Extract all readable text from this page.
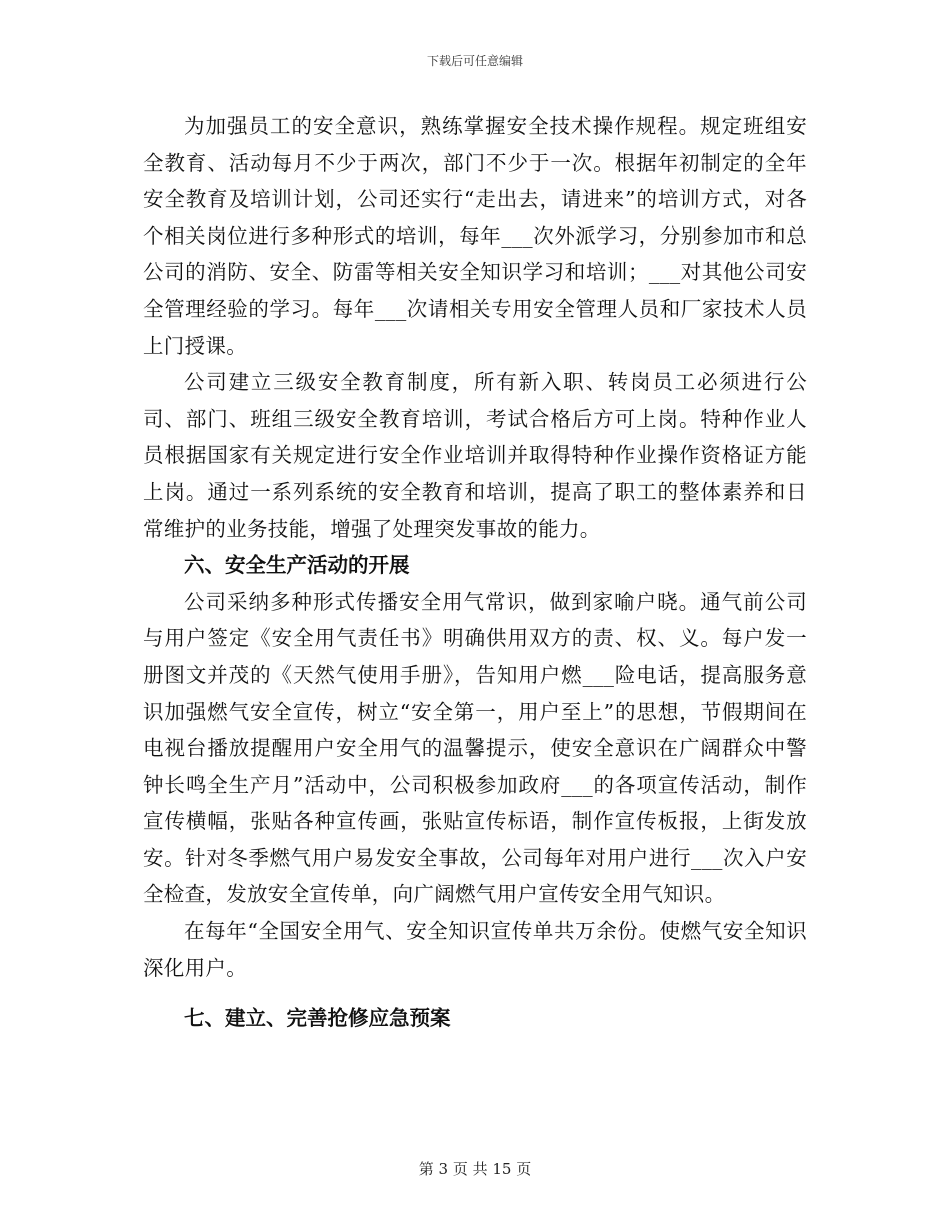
下载后可任意编辑

为加强员工的安全意识，熟练掌握安全技术操作规程。规定班组安全教育、活动每月不少于两次，部门不少于一次。根据年初制定的全年安全教育及培训计划，公司还实行“走出去，请进来”的培训方式，对各个相关岗位进行多种形式的培训，每年___次外派学习，分别参加市和总公司的消防、安全、防雷等相关安全知识学习和培训；___对其他公司安全管理经验的学习。每年___次请相关专用安全管理人员和厂家技术人员上门授课。

公司建立三级安全教育制度，所有新入职、转岗员工必须进行公司、部门、班组三级安全教育培训，考试合格后方可上岗。特种作业人员根据国家有关规定进行安全作业培训并取得特种作业操作资格证方能上岗。通过一系列系统的安全教育和培训，提高了职工的整体素养和日常维护的业务技能，增强了处理突发事故的能力。

六、安全生产活动的开展

公司采纳多种形式传播安全用气常识，做到家喻户晓。通气前公司与用户签定《安全用气责任书》明确供用双方的责、权、义。每户发一册图文并茂的《天然气使用手册》，告知用户燃___险电话，提高服务意识加强燃气安全宣传，树立“安全第一，用户至上”的思想，节假期间在电视台播放提醒用户安全用气的温馨提示，使安全意识在广阔群众中警钟长鸣全生产月”活动中，公司积极参加政府___的各项宣传活动，制作宣传横幅，张贴各种宣传画，张贴宣传标语，制作宣传板报，上街发放安。针对冬季燃气用户易发安全事故，公司每年对用户进行___次入户安全检查，发放安全宣传单，向广阔燃气用户宣传安全用气知识。

在每年“全国安全用气、安全知识宣传单共万余份。使燃气安全知识深化用户。

七、建立、完善抢修应急预案

第 3 页 共 15 页
